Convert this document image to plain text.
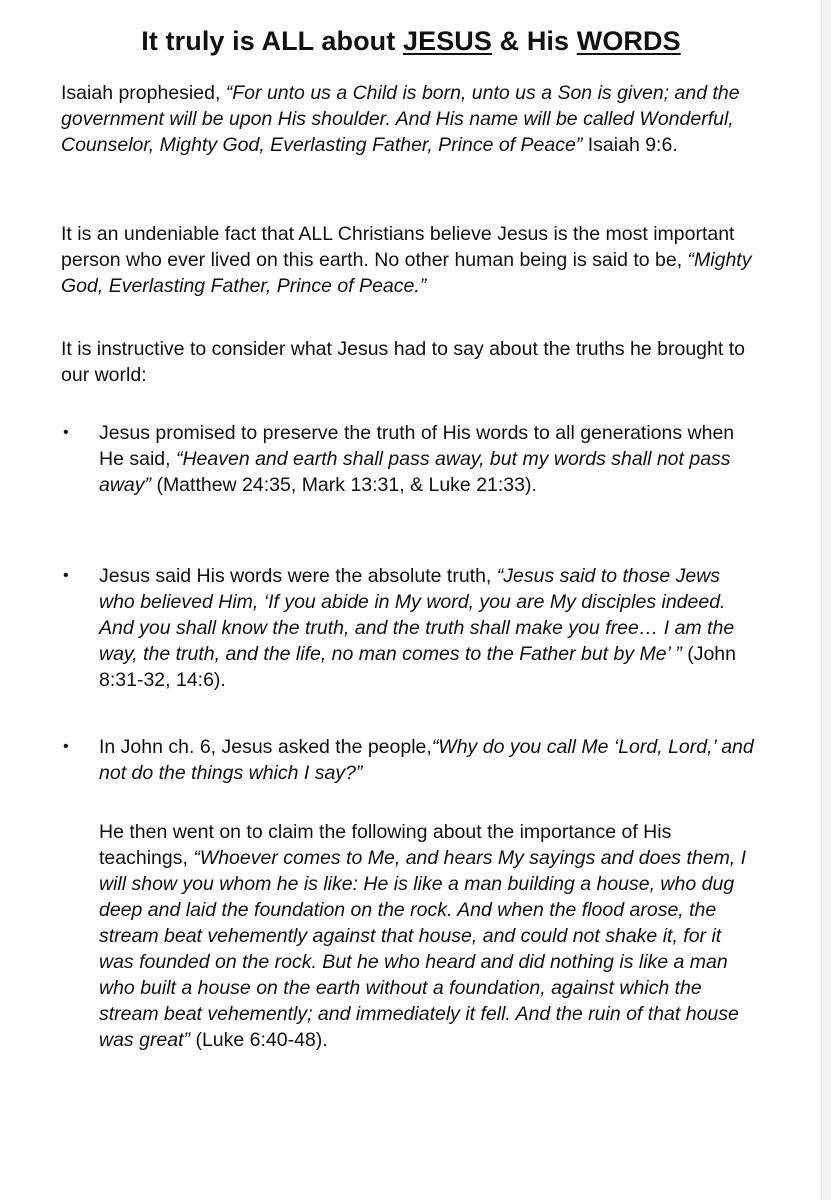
It truly is ALL about JESUS & His WORDS

Isaiah prophesied, “For unto us a Child is born, unto us a Son is given; and the government will be upon His shoulder. And His name will be called Wonderful, Counselor, Mighty God, Everlasting Father, Prince of Peace” Isaiah 9:6.

It is an undeniable fact that ALL Christians believe Jesus is the most important person who ever lived on this earth. No other human being is said to be, “Mighty God, Everlasting Father, Prince of Peace.”

It is instructive to consider what Jesus had to say about the truths he brought to our world:

• Jesus promised to preserve the truth of His words to all generations when He said, “Heaven and earth shall pass away, but my words shall not pass away” (Matthew 24:35, Mark 13:31, & Luke 21:33).

• Jesus said His words were the absolute truth, “Jesus said to those Jews who believed Him, ‘If you abide in My word, you are My disciples indeed. And you shall know the truth, and the truth shall make you free… I am the way, the truth, and the life, no man comes to the Father but by Me’ ” (John 8:31-32, 14:6).

• In John ch. 6, Jesus asked the people,“Why do you call Me ‘Lord, Lord,’ and not do the things which I say?”

He then went on to claim the following about the importance of His teachings, “Whoever comes to Me, and hears My sayings and does them, I will show you whom he is like: He is like a man building a house, who dug deep and laid the foundation on the rock. And when the flood arose, the stream beat vehemently against that house, and could not shake it, for it was founded on the rock. But he who heard and did nothing is like a man who built a house on the earth without a foundation, against which the stream beat vehemently; and immediately it fell. And the ruin of that house was great” (Luke 6:40-48).
